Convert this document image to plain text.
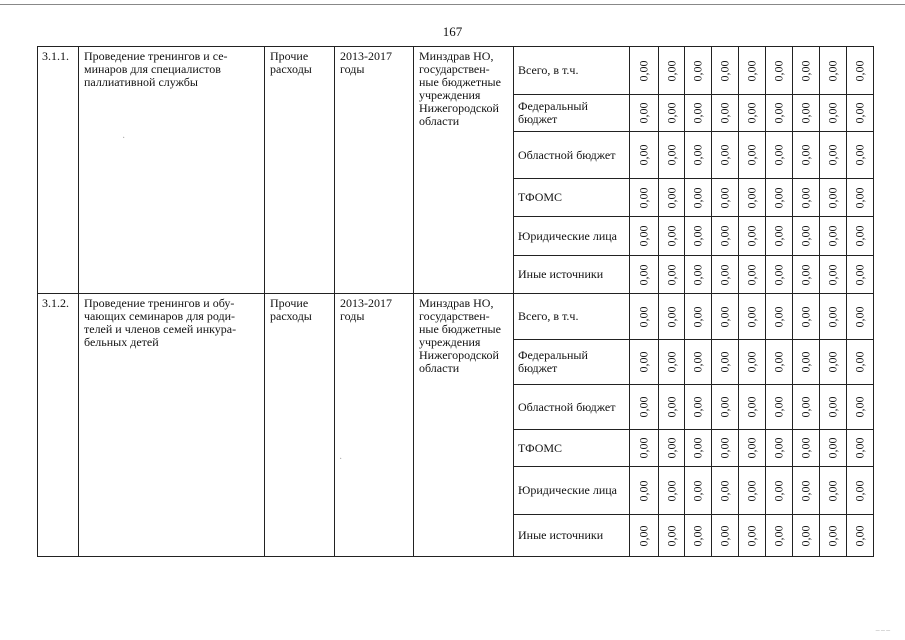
167
3.1.1.	Проведение тренингов и се-минаров для специалистов паллиативной службы	Прочие расходы	2013-2017 годы	Минздрав НО, государствен-ные бюджетные учреждения Нижегородской области	Всего, в т.ч.	0,00	0,00	0,00	0,00	0,00	0,00	0,00	0,00	0,00

					Федеральный бюджет	0,00	0,00	0,00	0,00	0,00	0,00	0,00	0,00	0,00

					Областной бюджет	0,00	0,00	0,00	0,00	0,00	0,00	0,00	0,00	0,00

					ТФОМС	0,00	0,00	0,00	0,00	0,00	0,00	0,00	0,00	0,00

					Юридические лица	0,00	0,00	0,00	0,00	0,00	0,00	0,00	0,00	0,00

					Иные источники	0,00	0,00	0,00	0,00	0,00	0,00	0,00	0,00	0,00

3.1.2.	Проведение тренингов и обу-чающих семинаров для роди-телей и членов семей инкура-бельных детей	Прочие расходы	2013-2017 годы	Минздрав НО, государствен-ные бюджетные учреждения Нижегородской области	Всего, в т.ч.	0,00	0,00	0,00	0,00	0,00	0,00	0,00	0,00	0,00

					Федеральный бюджет	0,00	0,00	0,00	0,00	0,00	0,00	0,00	0,00	0,00

					Областной бюджет	0,00	0,00	0,00	0,00	0,00	0,00	0,00	0,00	0,00

					ТФОМС	0,00	0,00	0,00	0,00	0,00	0,00	0,00	0,00	0,00

					Юридические лица	0,00	0,00	0,00	0,00	0,00	0,00	0,00	0,00	0,00

					Иные источники	0,00	0,00	0,00	0,00	0,00	0,00	0,00	0,00	0,00
·
·
⁻⁻⁻
